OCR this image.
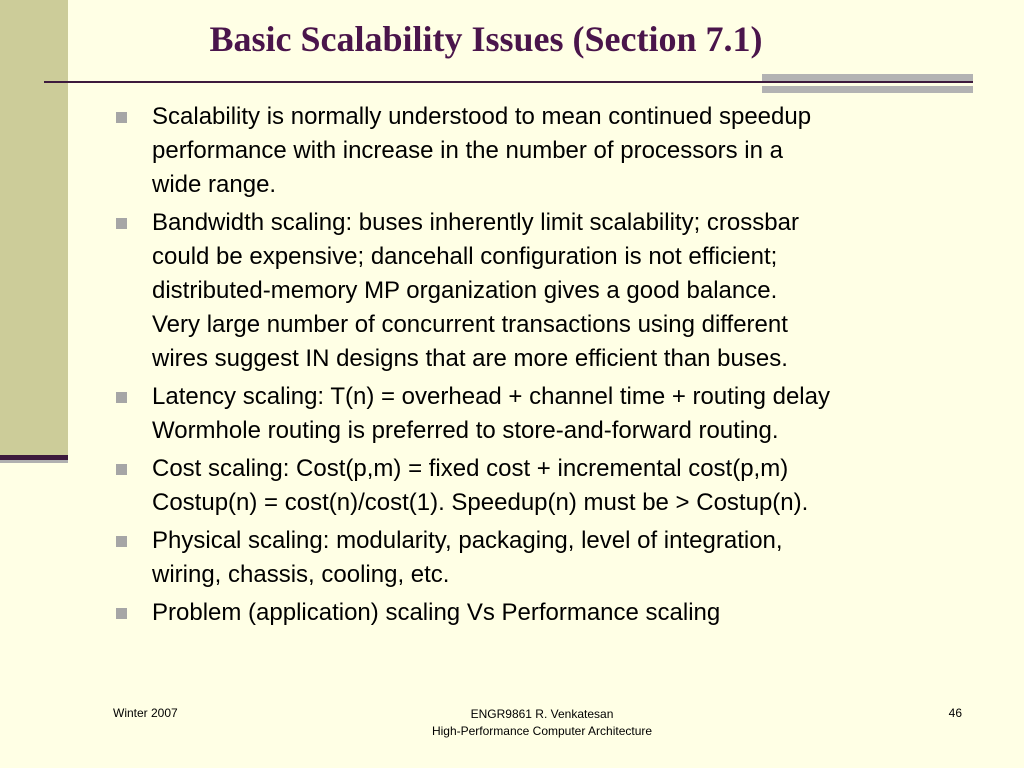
Basic Scalability Issues (Section 7.1)
Scalability is normally understood to mean continued speedup
performance with increase in the number of processors in a
wide range.
Bandwidth scaling: buses inherently limit scalability; crossbar
could be expensive; dancehall configuration is not efficient;
distributed-memory MP organization gives a good balance.
Very large number of concurrent transactions using different
wires suggest IN designs that are more efficient than buses.
Latency scaling: T(n) = overhead + channel time + routing delay
Wormhole routing is preferred to store-and-forward routing.
Cost scaling: Cost(p,m) = fixed cost + incremental cost(p,m)
Costup(n) = cost(n)/cost(1). Speedup(n) must be > Costup(n).
Physical scaling: modularity, packaging, level of integration,
wiring, chassis, cooling, etc.
Problem (application) scaling Vs Performance scaling
Winter 2007	ENGR9861 R. Venkatesan
High-Performance Computer Architecture
46
